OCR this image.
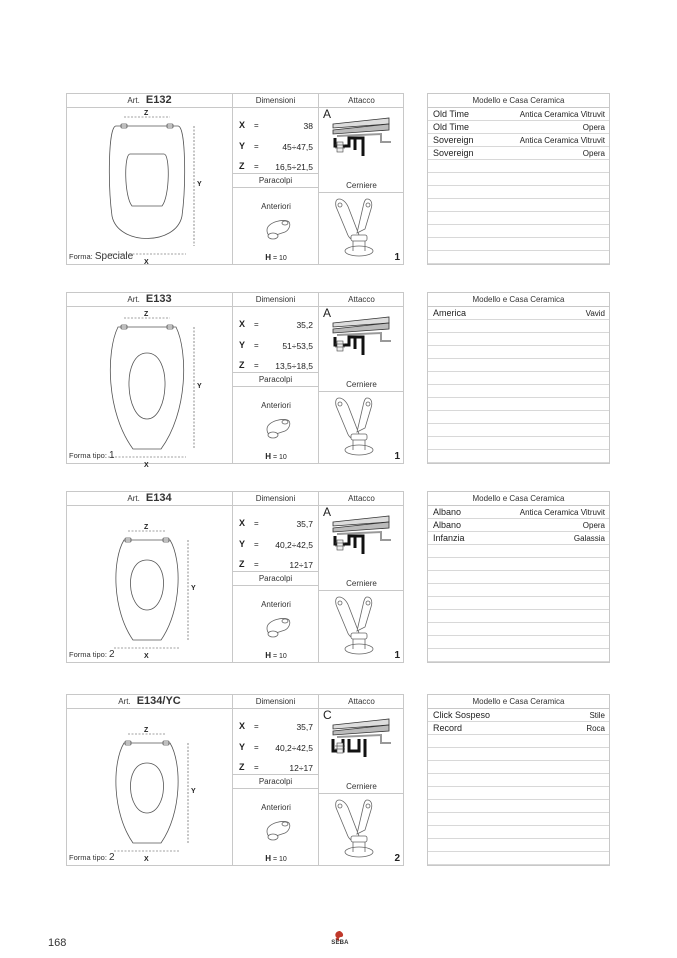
Art. E132	Dimensioni	Attacco
Z
X
Y
Forma: Speciale
X =	38
Y =	45÷47,5
Z = 16,5÷21,5
A
Paracolpi
Cerniere
Anteriori
H = 10	1
Modello e Casa Ceramica
Old Time	Antica Ceramica Vitruvit
Old Time	Opera
Sovereign	Antica Ceramica Vitruvit
Sovereign	Opera
Art. E133	Dimensioni	Attacco
Z
X
Y
Forma tipo: 1
X =	35,2
Y =	51÷53,5
Z = 13,5÷18,5
A
Paracolpi
Cerniere
Anteriori
H = 10	1
Modello e Casa Ceramica
America	Vavid
Art. E134	Dimensioni	Attacco
Z
X
Y
Forma tipo: 2
X =	35,7
Y = 40,2÷42,5
Z =	12÷17
A
Paracolpi
Cerniere
Anteriori
H = 10	1
Modello e Casa Ceramica
Albano	Antica Ceramica Vitruvit
Albano	Opera
Infanzia	Galassia
Art. E134/YC	Dimensioni	Attacco
Z
X
Y
Forma tipo: 2
X =	35,7
Y = 40,2÷42,5
Z =	12÷17
C
Paracolpi
Cerniere
Anteriori
H = 10	2
Modello e Casa Ceramica
Click Sospeso	Stile
Record	Roca
168	SEBA
